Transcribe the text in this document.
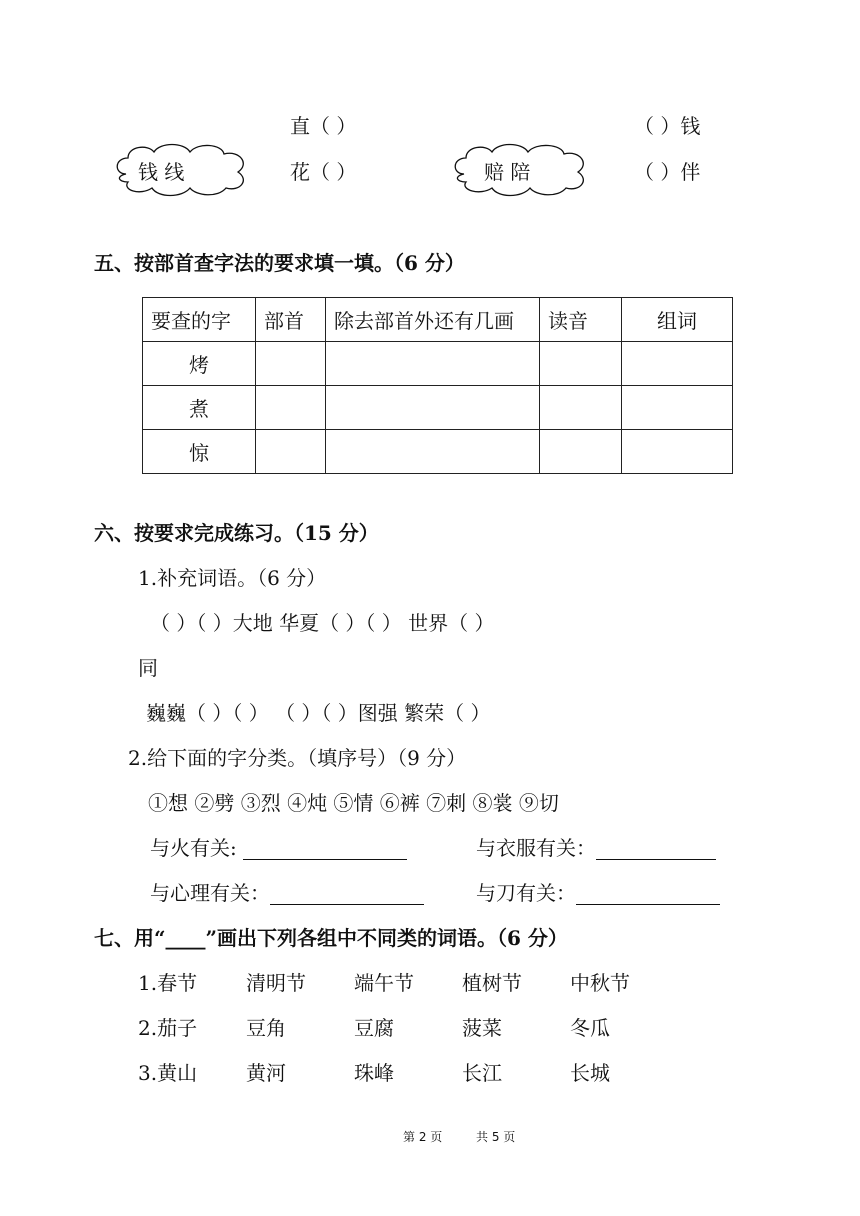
钱 线	赔 陪
直（ ）
花（ ）
（ ）钱
（ ）伴
五、按部首查字法的要求填一填。（6 分）
要查的字	部首	除去部首外还有几画	读音	组词
烤				
煮				
惊				
六、按要求完成练习。（15 分）
1.补充词语。（6 分）
（ ）（ ）大地 华夏（ ）（ ） 世界（ ）
同
巍巍（ ）（ ） （ ）（ ）图强 繁荣（ ）
2.给下面的字分类。（填序号）（9 分）
①想 ②劈 ③烈 ④炖 ⑤情 ⑥裤 ⑦刺 ⑧裳 ⑨切
与火有关:	与衣服有关：
与心理有关：	与刀有关：
七、用“____”画出下列各组中不同类的词语。（6 分）
1.春节 清明节 端午节 植树节 中秋节
2.茄子 豆角	豆腐	菠菜	冬瓜
3.黄山 黄河	珠峰	长江	长城
第 2 页	共 5 页
